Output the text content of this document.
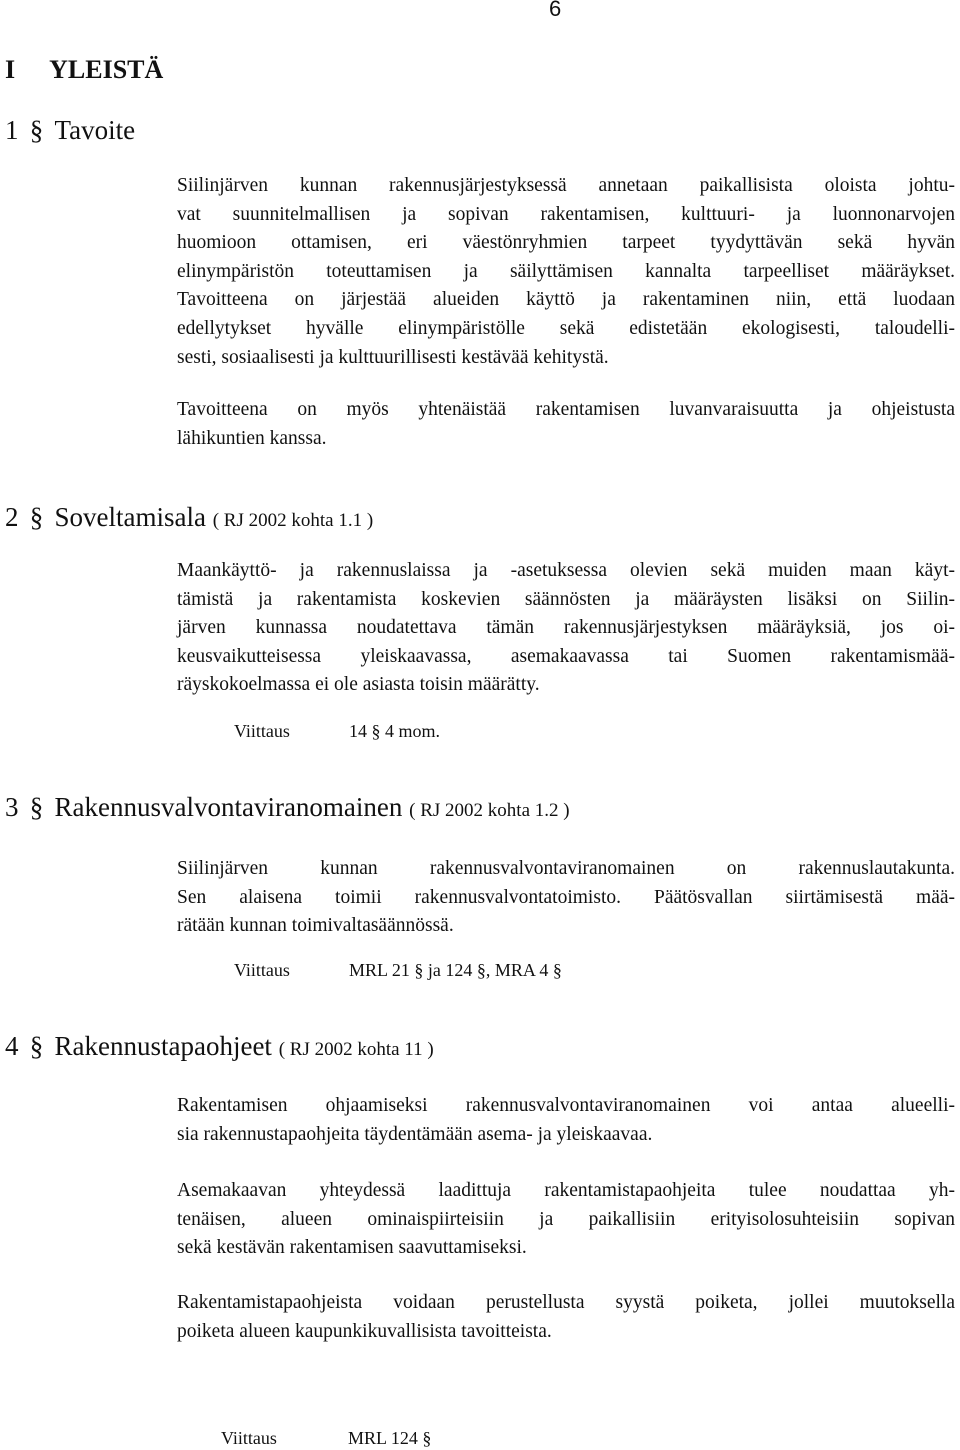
6
I YLEISTÄ
1 § Tavoite

Siilinjärven kunnan rakennusjärjestyksessä annetaan paikallisista oloista johtu-
vat suunnitelmallisen ja sopivan rakentamisen, kulttuuri- ja luonnonarvojen
huomioon ottamisen, eri väestönryhmien tarpeet tyydyttävän sekä hyvän
elinympäristön toteuttamisen ja säilyttämisen kannalta tarpeelliset määräykset.
Tavoitteena on järjestää alueiden käyttö ja rakentaminen niin, että luodaan
edellytykset hyvälle elinympäristölle sekä edistetään ekologisesti, taloudelli-
sesti, sosiaalisesti ja kulttuurillisesti kestävää kehitystä.

Tavoitteena on myös yhtenäistää rakentamisen luvanvaraisuutta ja ohjeistusta
lähikuntien kanssa.

2 § Soveltamisala ( RJ 2002 kohta 1.1 )

Maankäyttö- ja rakennuslaissa ja -asetuksessa olevien sekä muiden maan käyt-
tämistä ja rakentamista koskevien säännösten ja määräysten lisäksi on Siilin-
järven kunnassa noudatettava tämän rakennusjärjestyksen määräyksiä, jos oi-
keusvaikutteisessa yleiskaavassa, asemakaavassa tai Suomen rakentamismää-
räyskokoelmassa ei ole asiasta toisin määrätty.

Viittaus	14 § 4 mom.
3 § Rakennusvalvontaviranomainen ( RJ 2002 kohta 1.2 )

Siilinjärven kunnan rakennusvalvontaviranomainen on rakennuslautakunta.
Sen alaisena toimii rakennusvalvontatoimisto. Päätösvallan siirtämisestä mää-
rätään kunnan toimivaltasäännössä.

Viittaus	MRL 21 § ja 124 §, MRA 4 §
4 § Rakennustapaohjeet ( RJ 2002 kohta 11 )

Rakentamisen ohjaamiseksi rakennusvalvontaviranomainen voi antaa alueelli-
sia rakennustapaohjeita täydentämään asema- ja yleiskaavaa.

Asemakaavan yhteydessä laadittuja rakentamistapaohjeita tulee noudattaa yh-
tenäisen, alueen ominaispiirteisiin ja paikallisiin erityisolosuhteisiin sopivan
sekä kestävän rakentamisen saavuttamiseksi.

Rakentamistapaohjeista voidaan perustellusta syystä poiketa, jollei muutoksella
poiketa alueen kaupunkikuvallisista tavoitteista.

Viittaus	MRL 124 §
